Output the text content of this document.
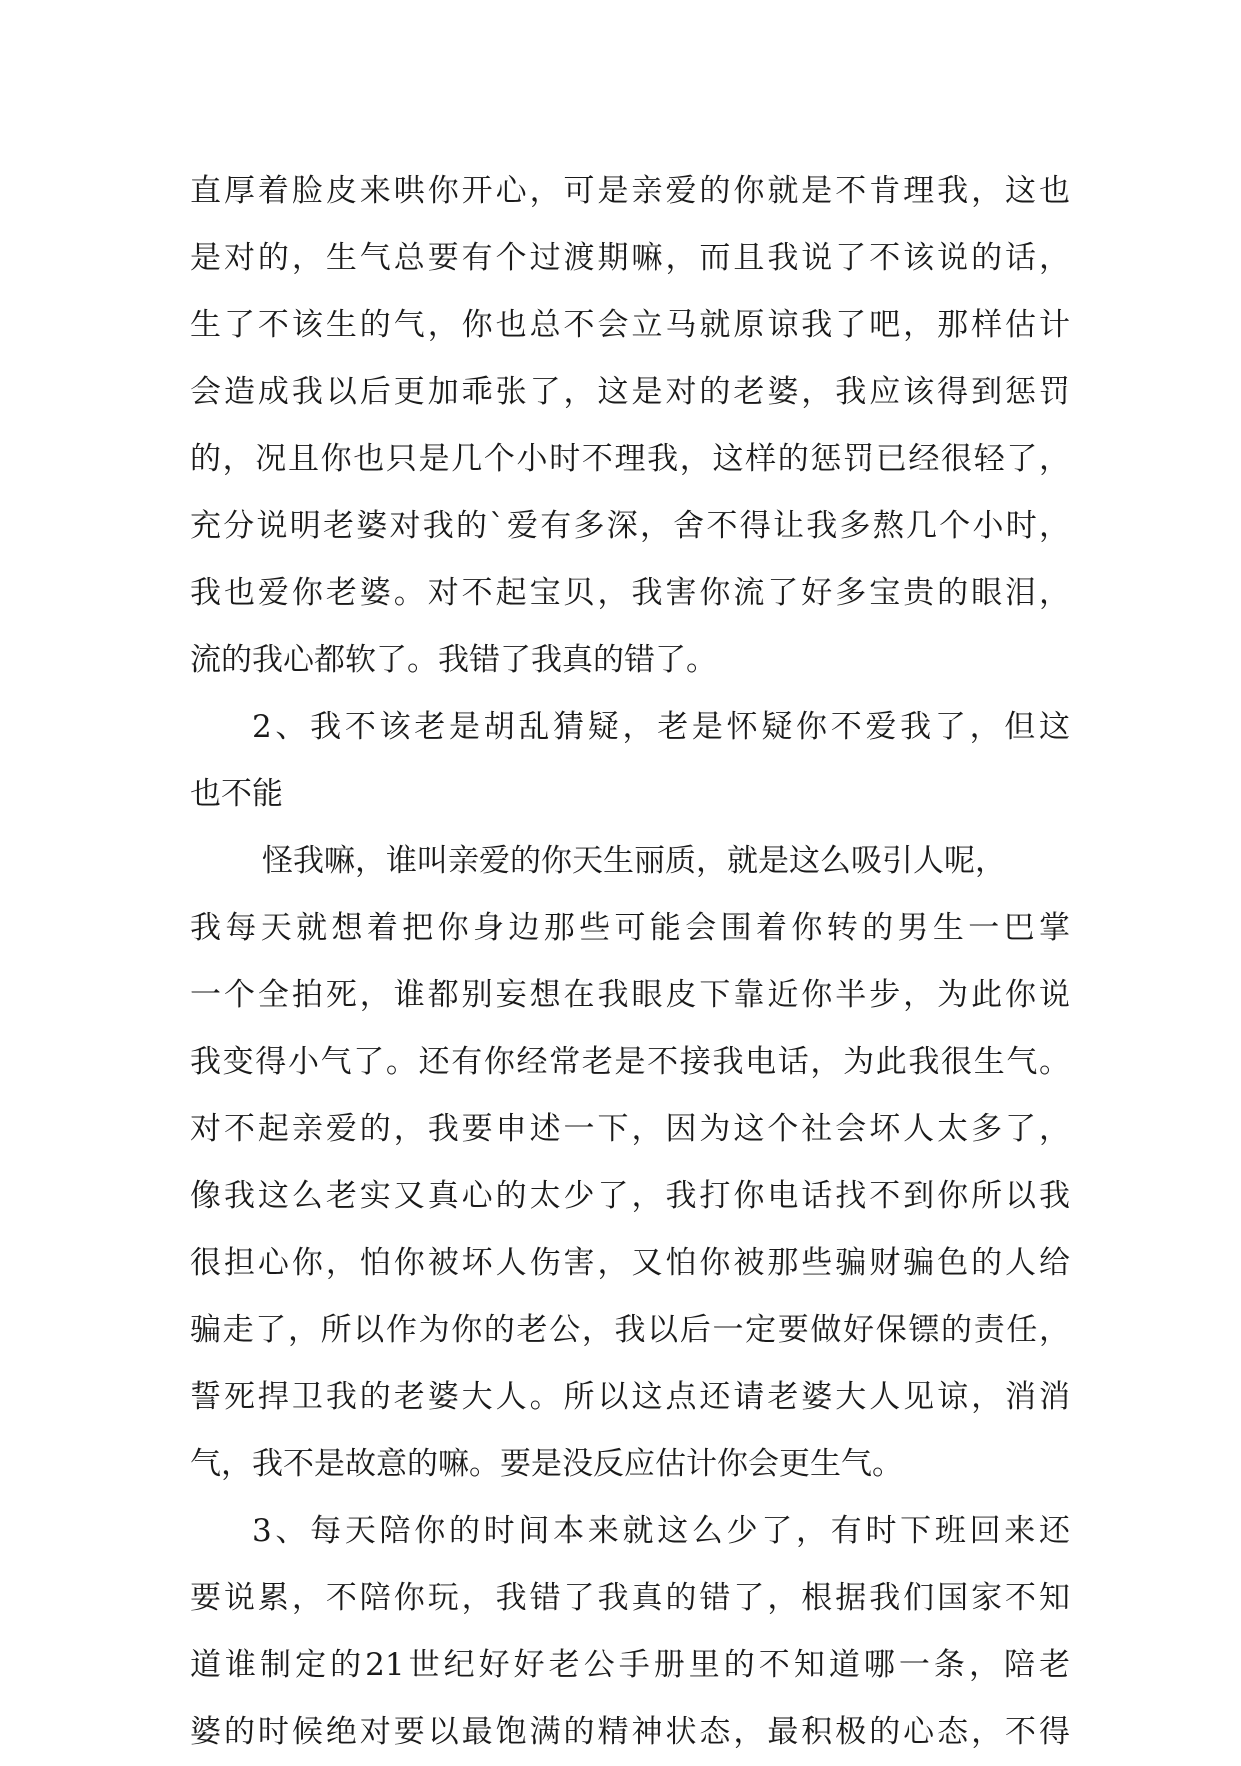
直厚着脸皮来哄你开心，可是亲爱的你就是不肯理我，这也
是对的，生气总要有个过渡期嘛，而且我说了不该说的话，
生了不该生的气，你也总不会立马就原谅我了吧，那样估计
会造成我以后更加乖张了，这是对的老婆，我应该得到惩罚
的，况且你也只是几个小时不理我，这样的惩罚已经很轻了，
充分说明老婆对我的`爱有多深，舍不得让我多熬几个小时，
我也爱你老婆。对不起宝贝，我害你流了好多宝贵的眼泪，
流的我心都软了。我错了我真的错了。
2、我不该老是胡乱猜疑，老是怀疑你不爱我了，但这
也不能
怪我嘛，谁叫亲爱的你天生丽质，就是这么吸引人呢，
我每天就想着把你身边那些可能会围着你转的男生一巴掌
一个全拍死，谁都别妄想在我眼皮下靠近你半步，为此你说
我变得小气了。还有你经常老是不接我电话，为此我很生气。
对不起亲爱的，我要申述一下，因为这个社会坏人太多了，
像我这么老实又真心的太少了，我打你电话找不到你所以我
很担心你，怕你被坏人伤害，又怕你被那些骗财骗色的人给
骗走了，所以作为你的老公，我以后一定要做好保镖的责任，
誓死捍卫我的老婆大人。所以这点还请老婆大人见谅，消消
气，我不是故意的嘛。要是没反应估计你会更生气。
3、每天陪你的时间本来就这么少了，有时下班回来还
要说累，不陪你玩，我错了我真的错了，根据我们国家不知
道谁制定的21世纪好好老公手册里的不知道哪一条，陪老
婆的时候绝对要以最饱满的精神状态，最积极的心态，不得
